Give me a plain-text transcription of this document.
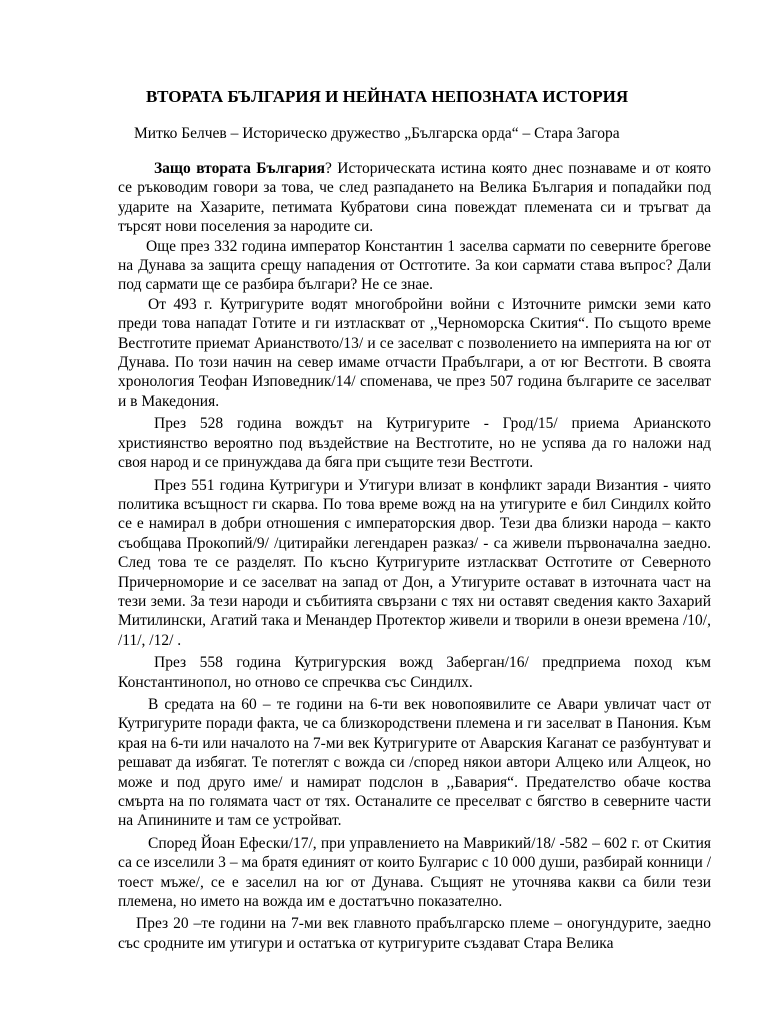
ВТОРАТА БЪЛГАРИЯ И НЕЙНАТА НЕПОЗНАТА ИСТОРИЯ
Митко Белчев – Историческо дружество „Българска орда“ – Стара Загора

Защо втората България? Историческата истина която днес познаваме и от която се ръководим говори за това, че след разпадането на Велика България и попадайки под ударите на Хазарите, петимата Кубратови сина повеждат племената си и тръгват да търсят нови поселения за народите си.

Още през 332 година император Константин 1 заселва сармати по северните брегове на Дунава за защита срещу нападения от Остготите. За кои сармати става въпрос? Дали под сармати ще се разбира българи? Не се знае.

От 493 г. Кутригурите водят многобройни войни с Източните римски земи като преди това нападат Готите и ги изтласкват от ,,Черноморска Скития“. По същото време Вестготите приемат Арианството/13/ и се заселват с позволението на империята на юг от Дунава. По този начин на север имаме отчасти Прабългари, а от юг Вестготи. В своята хронология Теофан Изповедник/14/ споменава, че през 507 година българите се заселват и в Македония.

През 528 година вождът на Кутригурите - Грод/15/ приема Арианското християнство вероятно под въздействие на Вестготите, но не успява да го наложи над своя народ и се принуждава да бяга при същите тези Вестготи.

През 551 година Кутригури и Утигури влизат в конфликт заради Византия - чиято политика всъщност ги скарва. По това време вожд на на утигурите е бил Синдилх който се е намирал в добри отношения с императорския двор. Тези два близки народа – както съобщава Прокопий/9/ /цитирайки легендарен разказ/ - са живели първоначална заедно. След това те се разделят. По късно Кутригурите изтласкват Остготите от Северното Причерноморие и се заселват на запад от Дон, а Утигурите остават в източната част на тези земи. За тези народи и събитията свързани с тях ни оставят сведения както Захарий Митилински, Агатий така и Менандер Протектор живели и творили в онези времена /10/, /11/, /12/ .

През 558 година Кутригурския вожд Заберган/16/ предприема поход към Константинопол, но отново се спречква със Синдилх.

В средата на 60 – те години на 6-ти век новопоявилите се Авари увличат част от Кутригурите поради факта, че са близкородствени племена и ги заселват в Панония. Към края на 6-ти или началото на 7-ми век Кутригурите от Аварския Каганат се разбунтуват и решават да избягат. Те потеглят с вожда си /според някои автори Алцеко или Алцеок, но може и под друго име/ и намират подслон в ,,Бавария“. Предателство обаче коства смърта на по голямата част от тях. Останалите се преселват с бягство в северните части на Апинините и там се устройват.

Според Йоан Ефески/17/, при управлението на Маврикий/18/ -582 – 602 г. от Скития са се изселили 3 – ма братя единият от които Булгарис с 10 000 души, разбирай конници /тоест мъже/, се е заселил на юг от Дунава. Същият не уточнява какви са били тези племена, но името на вожда им е достатъчно показателно.

През 20 –те години на 7-ми век главното прабългарско племе – оногундурите, заедно със сродните им утигури и остатъка от кутригурите създават Стара Велика
